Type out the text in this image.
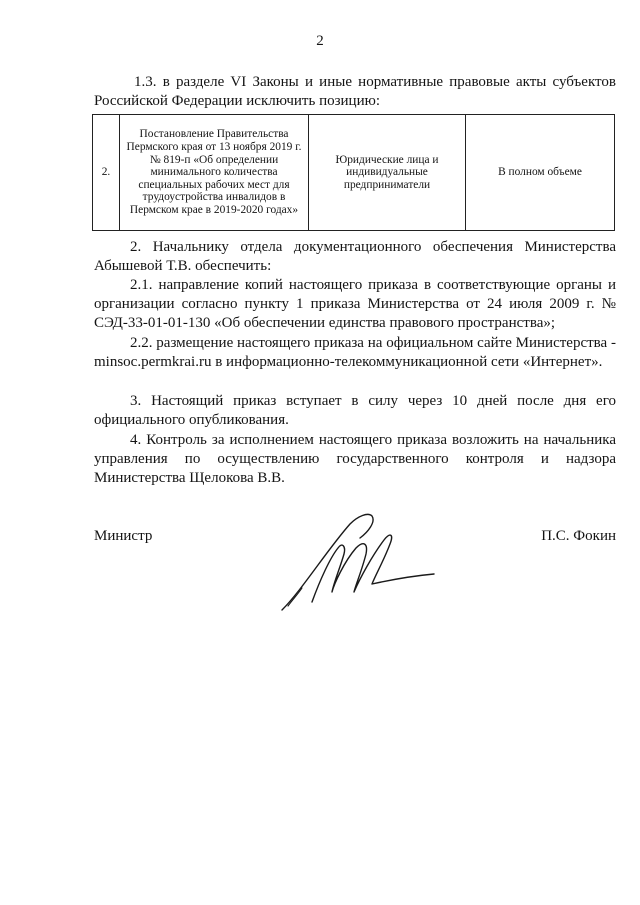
2
1.3. в разделе VI Законы и иные нормативные правовые акты субъектов
Российской Федерации исключить позицию:
2.	Постановление Правительства Пермского края от 13 ноября 2019 г. № 819-п «Об определении минимального количества специальных рабочих мест для трудоустройства инвалидов в Пермском крае в 2019-2020 годах»	Юридические лица и индивидуальные предприниматели	В полном объеме
2. Начальнику отдела документационного обеспечения Министерства Абышевой Т.В. обеспечить:
2.1. направление копий настоящего приказа в соответствующие органы и организации согласно пункту 1 приказа Министерства от 24 июля 2009 г. № СЭД-33-01-01-130 «Об обеспечении единства правового пространства»;
2.2. размещение настоящего приказа на официальном сайте Министерства - minsoc.permkrai.ru в информационно-телекоммуникационной сети «Интернет».
3. Настоящий приказ вступает в силу через 10 дней после дня его официального опубликования.
4. Контроль за исполнением настоящего приказа возложить на начальника управления по осуществлению государственного контроля и надзора Министерства Щелокова В.В.
Министр	П.С. Фокин
